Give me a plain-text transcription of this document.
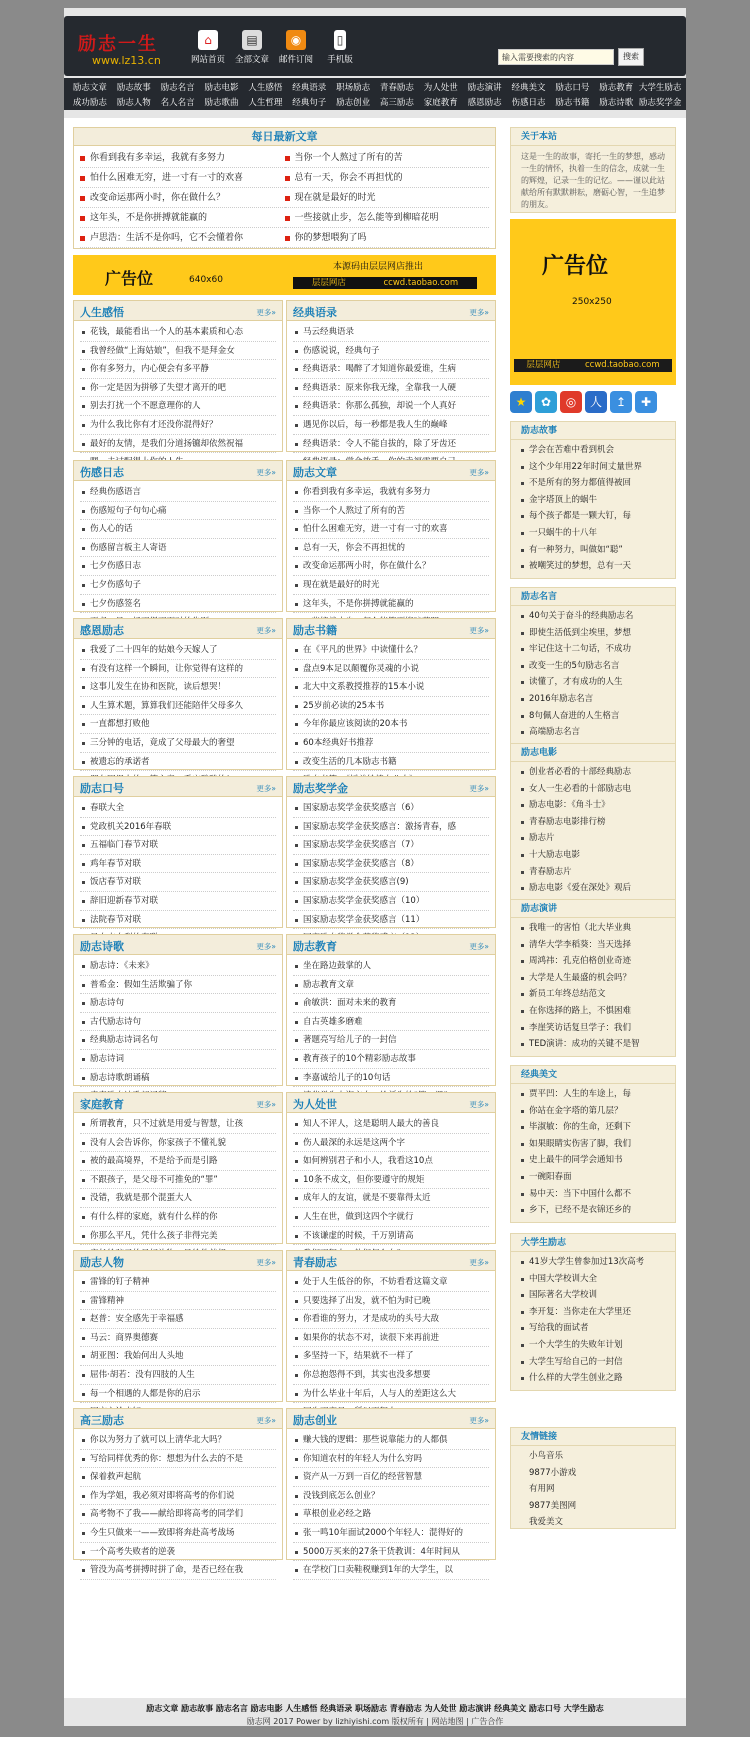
励志一生
www.lz13.cn
⌂
网站首页
▤
全部文章
◉
邮件订阅
▯
手机版
输入需要搜索的内容	搜索
励志文章	励志故事	励志名言	励志电影	人生感悟	经典语录	职场励志	青春励志	为人处世	励志演讲	经典美文	励志口号	励志教育 大学生励志
成功励志	励志人物	名人名言	励志歌曲	人生哲理	经典句子	励志创业	高三励志	家庭教育	感恩励志	伤感日志	励志书籍	励志诗歌 励志奖学金
每日最新文章
你看到我有多幸运，我就有多努力	当你一个人熬过了所有的苦
怕什么困难无穷，进一寸有一寸的欢喜	总有一天，你会不再担忧的
改变命运那两小时，你在做什么？	现在就是最好的时光
这年头，不是你拼搏就能赢的	一些接就止步，怎么能等到柳暗花明
卢思浩：生活不是你吗，它不会懂着你	你的梦想喂狗了吗
广告位	640x60
本源码由层层网店推出
层层网店	ccwd.taobao.com
人生感悟	更多»
花钱，最能看出一个人的基本素质和心态
我曾经做“上海姑娘”，但我不是拜金女
你有多努力，内心便会有多平静
你一定是因为拼够了失望才离开的吧
别去打扰一个不愿意理你的人
为什么我比你有才还没你混得好？
最好的友情，是我们分道扬镳却依然祝福
经典语录	更多»
马云经典语录
伤感说说，经典句子
经典语录：喝醉了才知道你最爱谁，生病
经典语录：原来你我无缘，全靠我一人硬
经典语录：你那么孤独，却说一个人真好
遇见你以后，每一秒都是我人生的巅峰
经典语录：令人不能自拔的，除了牙齿还
伤感日志	更多»
经典伤感语言
伤感短句子句句心痛
伤人心的话
伤感留言板主人寄语
七夕伤感日志
七夕伤感句子
七夕伤感签名
励志文章	更多»
你看到我有多幸运，我就有多努力
当你一个人熬过了所有的苦
怕什么困难无穷，进一寸有一寸的欢喜
总有一天，你会不再担忧的
改变命运那两小时，你在做什么？
现在就是最好的时光
这年头，不是你拼搏就能赢的
感恩励志	更多»
我爱了二十四年的姑娘今天嫁人了
有没有这样一个瞬间，让你觉得有这样的
这事儿发生在协和医院，读后想哭！
人生算术题，算算我们还能陪伴父母多久
一直都想打败他
三分钟的电话，竟成了父母最大的奢望
被遗忘的承诺者
励志书籍	更多»
在《平凡的世界》中读懂什么？
盘点9本足以颠覆你灵魂的小说
北大中文系教授推荐的15本小说
25岁前必读的25本书
今年你最应该阅读的20本书
60本经典好书推荐
改变生活的几本励志书籍
励志口号	更多»
春联大全
党政机关2016年春联
五福临门春节对联
鸡年春节对联
饭店春节对联
辞旧迎新春节对联
法院春节对联
励志奖学金	更多»
国家励志奖学金获奖感言（6）
国家励志奖学金获奖感言：激扬青春，感
国家励志奖学金获奖感言（7）
国家励志奖学金获奖感言（8）
国家励志奖学金获奖感言(9)
国家励志奖学金获奖感言（10）
国家励志奖学金获奖感言（11）
励志诗歌	更多»
励志诗：《未来》
普希金：假如生活欺骗了你
励志诗句
古代励志诗句
经典励志诗词名句
励志诗词
励志诗歌朗诵稿
励志教育	更多»
坐在路边鼓掌的人
励志教育文章
俞敏洪：面对未来的教育
自古英雄多磨难
著题亮写给儿子的一封信
教育孩子的10个精彩励志故事
李嘉诚给儿子的10句话
家庭教育	更多»
所谓教育，只不过就是用爱与智慧，让孩
没有人会告诉你，你家孩子不懂礼貌
被的最高境界，不是给予而是引路
不跟孩子，是父母不可推免的“罪”
没错，我就是那个混蛋大人
有什么样的家庭，就有什么样的你
你那么平凡，凭什么孩子非得完美
为人处世	更多»
知人不评人，这是聪明人最大的善良
伤人最深的永远是这两个字
如何辨别君子和小人，我看这10点
10条不成文，但你要遵守的规矩
成年人的友谊，就是不要靠得太近
人生在世，做到这四个字就行
不该谦虚的时候，千万别请高
励志人物	更多»
雷锋的钉子精神
雷锋精神
赵普：安全感先于幸福感
马云：商界奥德赛
胡亚图：我始何出人头地
屈伟·胡若：没有四肢的人生
每一个相遇的人都是你的启示
青春励志	更多»
处于人生低谷的你，不妨看看这篇文章
只要选择了出发，就不怕为时已晚
你看谁的努力，才是成功的头号大敌
如果你的状态不对，读很下来再前进
多坚持一下，结果就不一样了
你总抱怨得不到，其实也没多想要
为什么毕业十年后，人与人的差距这么大
高三励志	更多»
你以为努力了就可以上清华北大吗？
写给同样优秀的你：想想为什么去的不是
保着救声起航
作为学姐，我必须对即将高考的你们说
高考物不了我——献给即将高考的同学们
今生只做来一——致即将奔赴高考战场
一个高考失败者的逆袭
管没为高考拼搏时拼了命，是否已经在我
励志创业	更多»
赚大钱的逻辑：那些说靠能力的人都俱
你知道农村的年轻人为什么穷吗
资产从一万到一百亿的经营智慧
没钱到底怎么创业？
草根创业必经之路
张一鸣10年面试2000个年轻人：混得好的
5000万买来的27条干货教训：4年时间从
在学校门口卖鞋税赚到1年的大学生，以
关于本站

这是一生的故事，寄托一生的梦想，感动一生的情怀，执着一生的信念，成就一生的辉煌，记录一生的记忆。——谨以此站献给所有默默耕耘，磨砺心智，一生追梦的朋友。

广告位
250x250
层层网店	ccwd.taobao.com
★	✿	◎	人	↥	✚
励志故事
学会在苦难中看到机会
这个少年用22年时间丈量世界
不是所有的努力都值得被回
金字塔顶上的蜗牛
每个孩子都是一颗大钉，每
一只蜗牛的十八年
有一种努力，叫做如“聪”
被嘲笑过的梦想，总有一天
励志名言
40句关于奋斗的经典励志名
即使生活低到尘埃里，梦想
牢记住这十二句话，不成功
改变一生的5句励志名言
读懂了，才有成功的人生
2016年励志名言
8句佩人奋进的人生格言
高端励志名言
励志电影
创业者必看的十部经典励志
女人一生必看的十部励志电
励志电影：《角斗士》
青春励志电影排行榜
励志片
十大励志电影
青春励志片
励志电影《爱在深处》观后
励志演讲
我唯一的害怕（北大毕业典
清华大学李稻葵：当天选择
周鸿祎：孔克伯格创业奇迹
大学是人生最盛的机会吗？
新员工年终总结范文
在你选择的路上，不惧困难
李崖笑访话复旦学子：我们
TED演讲：成功的关键不是智
经典美文
贾平凹：人生的车途上，每
你站在金字塔的第几层？
毕淑敏：你的生命，还剩下
如果眼睛实伤害了脚，我们
史上最牛的同学会通知书
一碗阳春面
易中天：当下中国什么都不
乡下，已经不是衣锦还乡的
大学生励志
41岁大学生曾参加过13次高考
中国大学校训大全
国际著名大学校训
李开复：当你走在大学里还
写给我的面试者
一个大学生的失败年计划
大学生写给自己的一封信
什么样的大学生创业之路
友情链接
小鸟音乐
9877小游戏
有用网
9877美图网
我爱美文
励志文章 励志故事 励志名言 励志电影 人生感悟 经典语录 职场励志 青春励志 为人处世 励志演讲 经典美文 励志口号 大学生励志
励志网 2017 Power by lizhiyishi.com 版权所有 | 网站地图 | 广告合作
